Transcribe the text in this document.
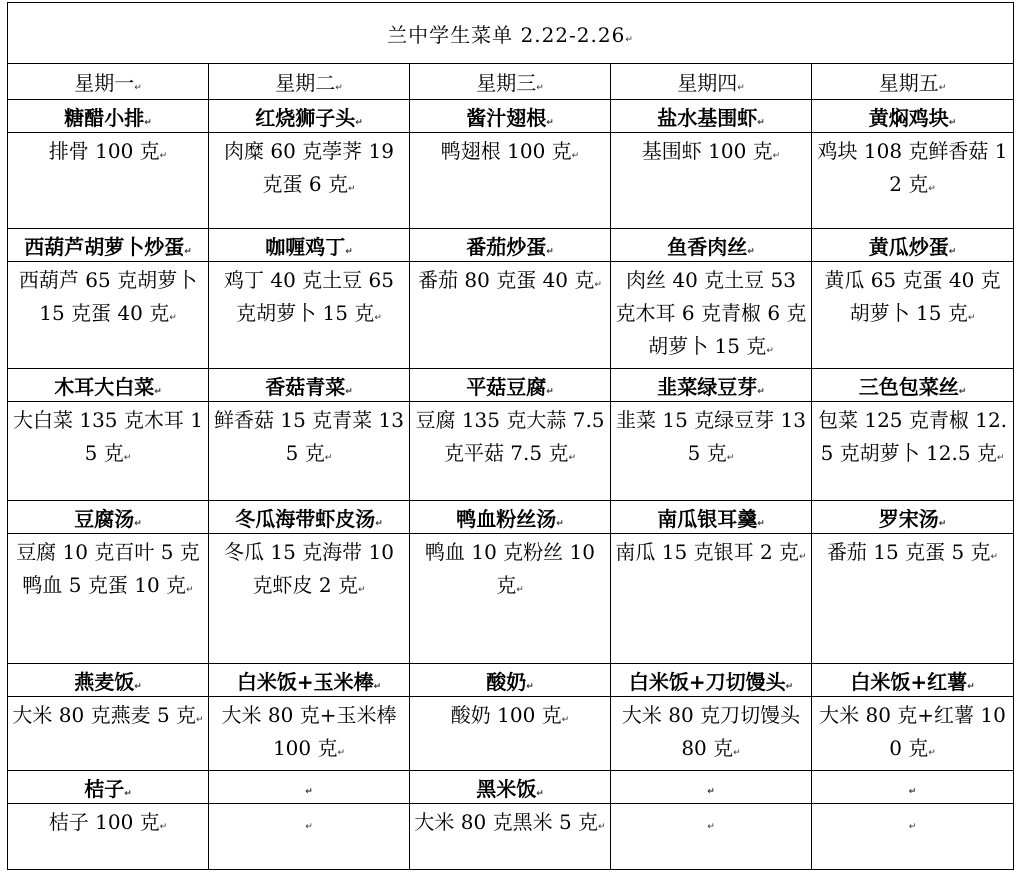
兰中学生菜单 2.22-2.26↵				
星期一↵	星期二↵	星期三↵	星期四↵	星期五↵
糖醋小排↵	红烧狮子头↵	酱汁翅根↵	盐水基围虾↵	黄焖鸡块↵
排骨 100 克↵	肉糜 60 克荸荠 19 克蛋 6 克↵	鸭翅根 100 克↵	基围虾 100 克↵	鸡块 108 克鲜香菇 12 克↵
西葫芦胡萝卜炒蛋↵	咖喱鸡丁↵	番茄炒蛋↵	鱼香肉丝↵	黄瓜炒蛋↵
西葫芦 65 克胡萝卜 15 克蛋 40 克↵	鸡丁 40 克土豆 65 克胡萝卜 15 克↵	番茄 80 克蛋 40 克↵	肉丝 40 克土豆 53 克木耳 6 克青椒 6 克胡萝卜 15 克↵	黄瓜 65 克蛋 40 克胡萝卜 15 克↵
木耳大白菜↵	香菇青菜↵	平菇豆腐↵	韭菜绿豆芽↵	三色包菜丝↵
大白菜 135 克木耳 15 克↵	鲜香菇 15 克青菜 135 克↵	豆腐 135 克大蒜 7.5 克平菇 7.5 克↵	韭菜 15 克绿豆芽 135 克↵	包菜 125 克青椒 12.5 克胡萝卜 12.5 克↵
豆腐汤↵	冬瓜海带虾皮汤↵	鸭血粉丝汤↵	南瓜银耳羹↵	罗宋汤↵
豆腐 10 克百叶 5 克鸭血 5 克蛋 10 克↵	冬瓜 15 克海带 10 克虾皮 2 克↵	鸭血 10 克粉丝 10 克↵	南瓜 15 克银耳 2 克↵	番茄 15 克蛋 5 克↵
燕麦饭↵	白米饭+玉米棒↵	酸奶↵	白米饭+刀切馒头↵	白米饭+红薯↵
大米 80 克燕麦 5 克↵	大米 80 克+玉米棒 100 克↵	酸奶 100 克↵	大米 80 克刀切馒头 80 克↵	大米 80 克+红薯 100 克↵
桔子↵	↵	黑米饭↵	↵	↵
桔子 100 克↵	↵	大米 80 克黑米 5 克↵	↵	↵
